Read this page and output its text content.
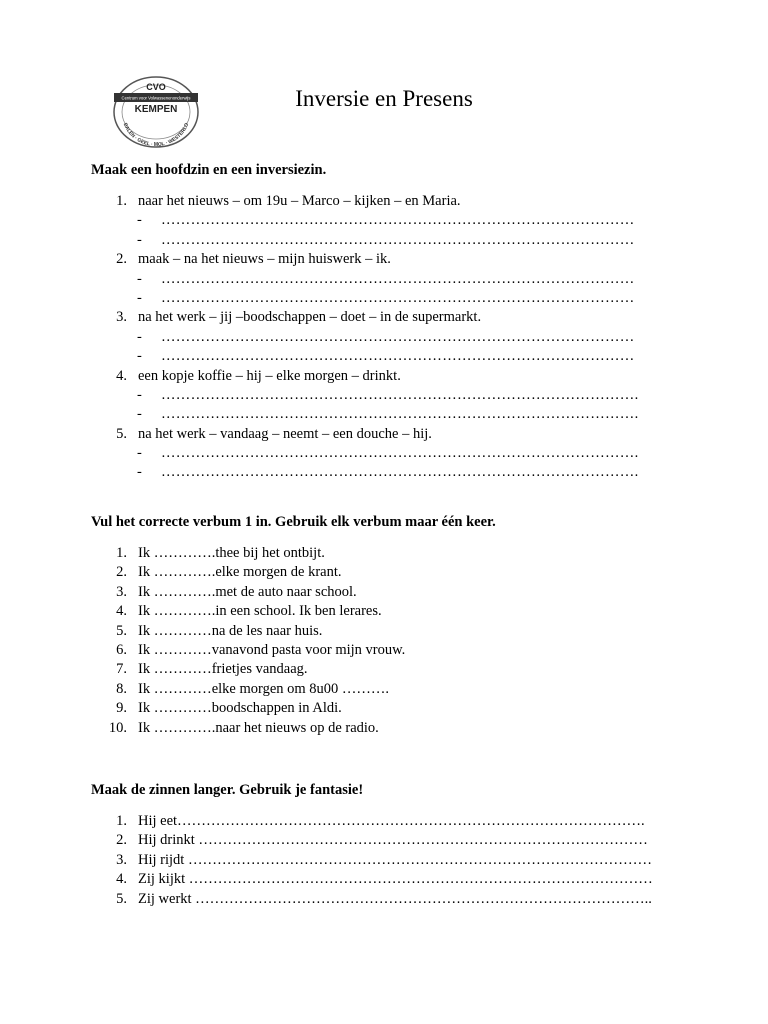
CVO
Centrum voor Volwassenenonderwijs
KEMPEN
BALEN · GEEL · MOL · WESTERLO
Inversie en Presens
Maak een hoofdzin en een inversiezin.
1. naar het nieuws – om 19u – Marco – kijken – en Maria.
- ……………………………………………………………………………………
- ……………………………………………………………………………………
2. maak – na het nieuws – mijn huiswerk – ik.
- ……………………………………………………………………………………
- ……………………………………………………………………………………
3. na het werk – jij –boodschappen – doet – in de supermarkt.
- ……………………………………………………………………………………
- ……………………………………………………………………………………
4. een kopje koffie – hij – elke morgen – drinkt.
- …………………………………………………………………………………….
- …………………………………………………………………………………….
5. na het werk – vandaag – neemt – een douche – hij.
- …………………………………………………………………………………….
- …………………………………………………………………………………….
Vul het correcte verbum 1 in. Gebruik elk verbum maar één keer.
1. Ik ………….thee bij het ontbijt.
2. Ik ………….elke morgen de krant.
3. Ik ………….met de auto naar school.
4. Ik ………….in een school. Ik ben lerares.
5. Ik …………na de les naar huis.
6. Ik …………vanavond pasta voor mijn vrouw.
7. Ik …………frietjes vandaag.
8. Ik …………elke morgen om 8u00 ……….
9. Ik …………boodschappen in Aldi.
10. Ik ………….naar het nieuws op de radio.
Maak de zinnen langer. Gebruik je fantasie!
1. Hij eet…………………………………………………………………………………….
2. Hij drinkt …………………………………………………………………………………
3. Hij rijdt ……………………………………………………………………………………
4. Zij kijkt ……………………………………………………………………………………
5. Zij werkt …………………………………………………………………………………..
